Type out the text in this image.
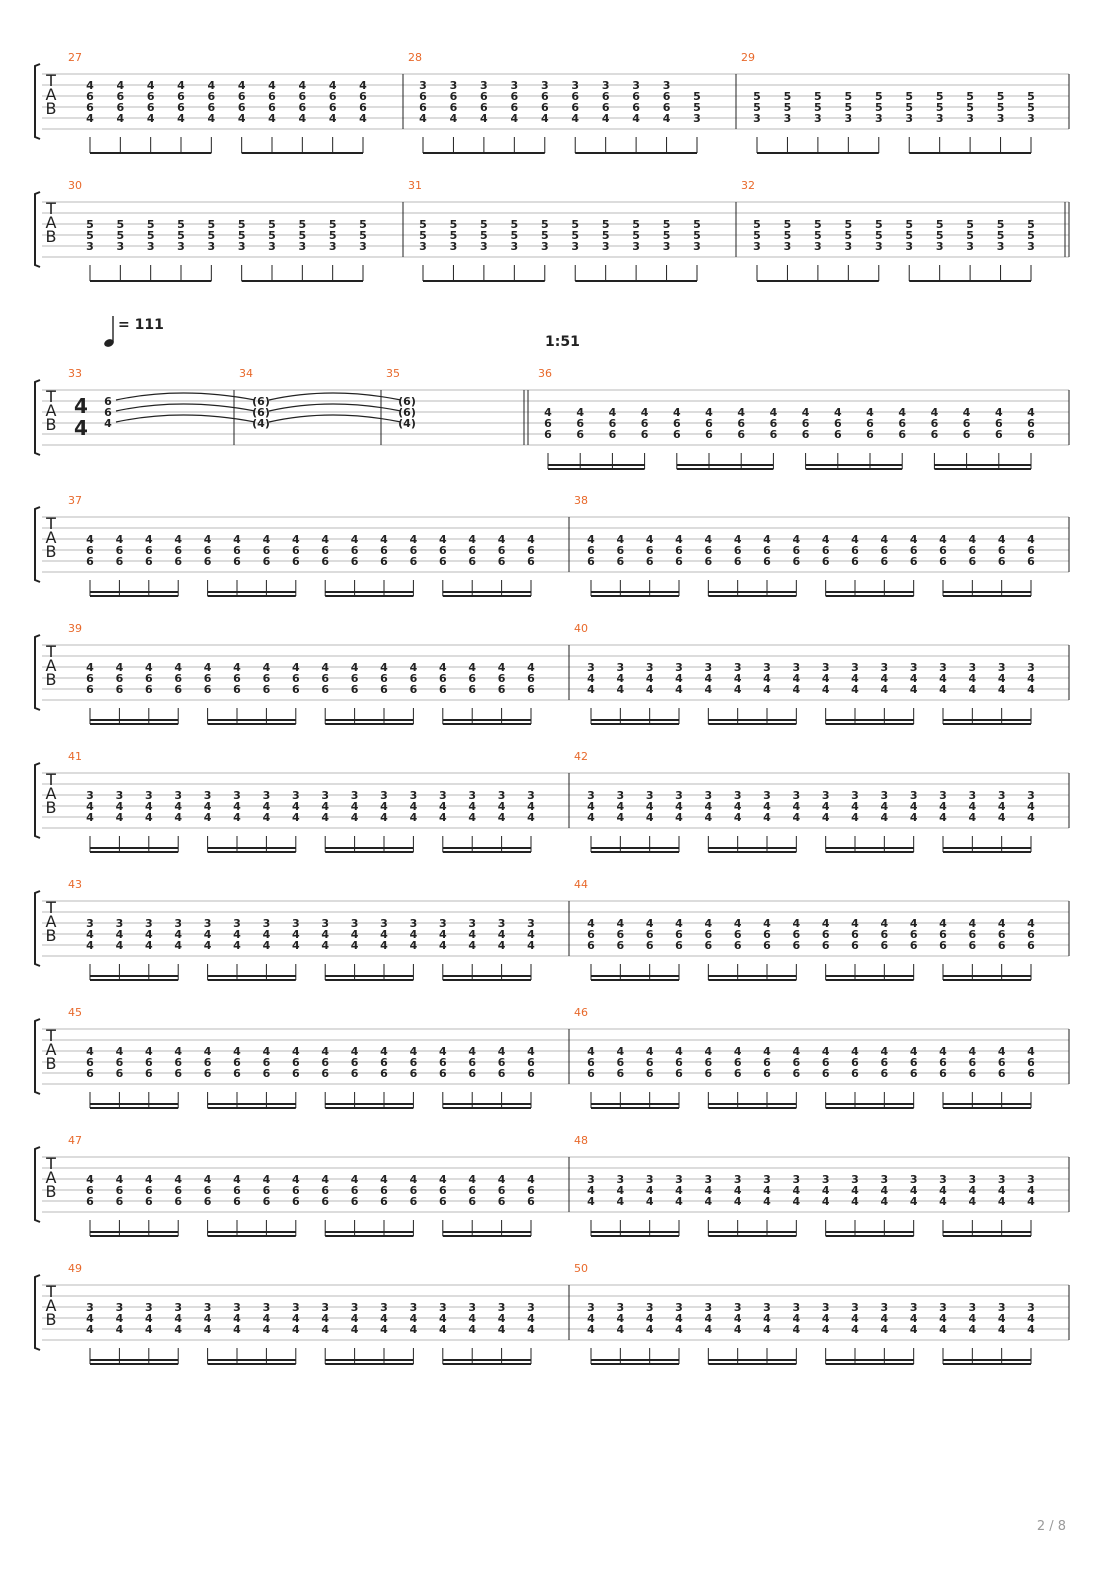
T
A
B
27
4
6
6
4
4
6
6
4
4
6
6
4
4
6
6
4
4
6
6
4
4
6
6
4
4
6
6
4
4
6
6
4
4
6
6
4
4
6
6
4
28
3
6
6
4
3
6
6
4
3
6
6
4
3
6
6
4
3
6
6
4
3
6
6
4
3
6
6
4
3
6
6
4
3
6
6
4
5
5
3
29
5
5
3
5
5
3
5
5
3
5
5
3
5
5
3
5
5
3
5
5
3
5
5
3
5
5
3
5
5
3
T
A
B
30
5
5
3
5
5
3
5
5
3
5
5
3
5
5
3
5
5
3
5
5
3
5
5
3
5
5
3
5
5
3
31
5
5
3
5
5
3
5
5
3
5
5
3
5
5
3
5
5
3
5
5
3
5
5
3
5
5
3
5
5
3
32
5
5
3
5
5
3
5
5
3
5
5
3
5
5
3
5
5
3
5
5
3
5
5
3
5
5
3
5
5
3
T
A
B
33
6
6
4
34
(6)
(6)
(4)
35
(6)
(6)
(4)
36
4
6
6
4
6
6
4
6
6
4
6
6
4
6
6
4
6
6
4
6
6
4
6
6
4
6
6
4
6
6
4
6
6
4
6
6
4
6
6
4
6
6
4
6
6
4
6
6
4
4
T
A
B
37
4
6
6
4
6
6
4
6
6
4
6
6
4
6
6
4
6
6
4
6
6
4
6
6
4
6
6
4
6
6
4
6
6
4
6
6
4
6
6
4
6
6
4
6
6
4
6
6
38
4
6
6
4
6
6
4
6
6
4
6
6
4
6
6
4
6
6
4
6
6
4
6
6
4
6
6
4
6
6
4
6
6
4
6
6
4
6
6
4
6
6
4
6
6
4
6
6
T
A
B
39
4
6
6
4
6
6
4
6
6
4
6
6
4
6
6
4
6
6
4
6
6
4
6
6
4
6
6
4
6
6
4
6
6
4
6
6
4
6
6
4
6
6
4
6
6
4
6
6
40
3
4
4
3
4
4
3
4
4
3
4
4
3
4
4
3
4
4
3
4
4
3
4
4
3
4
4
3
4
4
3
4
4
3
4
4
3
4
4
3
4
4
3
4
4
3
4
4
T
A
B
41
3
4
4
3
4
4
3
4
4
3
4
4
3
4
4
3
4
4
3
4
4
3
4
4
3
4
4
3
4
4
3
4
4
3
4
4
3
4
4
3
4
4
3
4
4
3
4
4
42
3
4
4
3
4
4
3
4
4
3
4
4
3
4
4
3
4
4
3
4
4
3
4
4
3
4
4
3
4
4
3
4
4
3
4
4
3
4
4
3
4
4
3
4
4
3
4
4
T
A
B
43
3
4
4
3
4
4
3
4
4
3
4
4
3
4
4
3
4
4
3
4
4
3
4
4
3
4
4
3
4
4
3
4
4
3
4
4
3
4
4
3
4
4
3
4
4
3
4
4
44
4
6
6
4
6
6
4
6
6
4
6
6
4
6
6
4
6
6
4
6
6
4
6
6
4
6
6
4
6
6
4
6
6
4
6
6
4
6
6
4
6
6
4
6
6
4
6
6
T
A
B
45
4
6
6
4
6
6
4
6
6
4
6
6
4
6
6
4
6
6
4
6
6
4
6
6
4
6
6
4
6
6
4
6
6
4
6
6
4
6
6
4
6
6
4
6
6
4
6
6
46
4
6
6
4
6
6
4
6
6
4
6
6
4
6
6
4
6
6
4
6
6
4
6
6
4
6
6
4
6
6
4
6
6
4
6
6
4
6
6
4
6
6
4
6
6
4
6
6
T
A
B
47
4
6
6
4
6
6
4
6
6
4
6
6
4
6
6
4
6
6
4
6
6
4
6
6
4
6
6
4
6
6
4
6
6
4
6
6
4
6
6
4
6
6
4
6
6
4
6
6
48
3
4
4
3
4
4
3
4
4
3
4
4
3
4
4
3
4
4
3
4
4
3
4
4
3
4
4
3
4
4
3
4
4
3
4
4
3
4
4
3
4
4
3
4
4
3
4
4
T
A
B
49
3
4
4
3
4
4
3
4
4
3
4
4
3
4
4
3
4
4
3
4
4
3
4
4
3
4
4
3
4
4
3
4
4
3
4
4
3
4
4
3
4
4
3
4
4
3
4
4
50
3
4
4
3
4
4
3
4
4
3
4
4
3
4
4
3
4
4
3
4
4
3
4
4
3
4
4
3
4
4
3
4
4
3
4
4
3
4
4
3
4
4
3
4
4
3
4
4
= 111
1:51
2 / 8
